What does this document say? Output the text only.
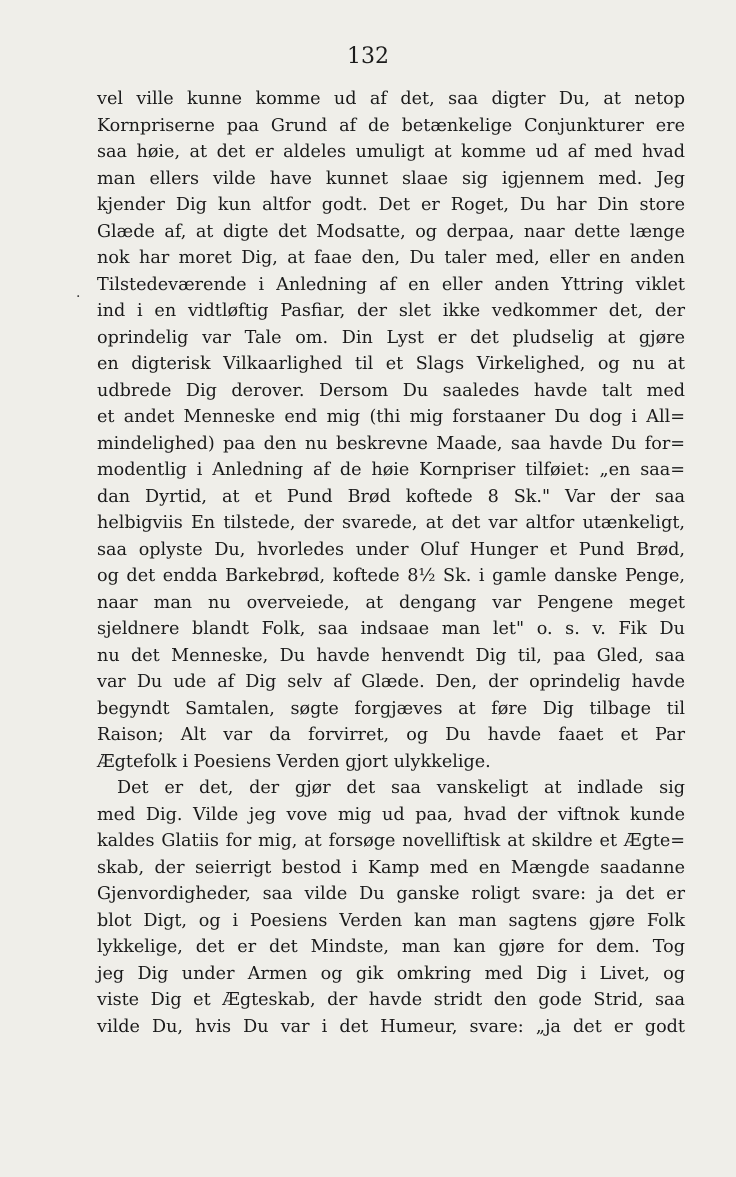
132
·
vel ville kunne komme ud af det, saa digter Du, at netop
Kornpriserne paa Grund af de betænkelige Conjunkturer ere
saa høie, at det er aldeles umuligt at komme ud af med hvad
man ellers vilde have kunnet slaae sig igjennem med. Jeg
kjender Dig kun altfor godt. Det er Roget, Du har Din store
Glæde af, at digte det Modsatte, og derpaa, naar dette længe
nok har moret Dig, at faae den, Du taler med, eller en anden
Tilstedeværende i Anledning af en eller anden Yttring viklet
ind i en vidtløftig Pasfiar, der slet ikke vedkommer det, der
oprindelig var Tale om. Din Lyst er det pludselig at gjøre
en digterisk Vilkaarlighed til et Slags Virkelighed, og nu at
udbrede Dig derover. Dersom Du saaledes havde talt med
et andet Menneske end mig (thi mig forstaaner Du dog i All=
mindelighed) paa den nu beskrevne Maade, saa havde Du for=
modentlig i Anledning af de høie Kornpriser tilføiet: „en saa=
dan Dyrtid, at et Pund Brød koftede 8 Sk." Var der saa
helbigviis En tilstede, der svarede, at det var altfor utænkeligt,
saa oplyste Du, hvorledes under Oluf Hunger et Pund Brød,
og det endda Barkebrød, koftede 8½ Sk. i gamle danske Penge,
naar man nu overveiede, at dengang var Pengene meget
sjeldnere blandt Folk, saa indsaae man let" o. s. v. Fik Du
nu det Menneske, Du havde henvendt Dig til, paa Gled, saa
var Du ude af Dig selv af Glæde. Den, der oprindelig havde
begyndt Samtalen, søgte forgjæves at føre Dig tilbage til
Raison; Alt var da forvirret, og Du havde faaet et Par
Ægtefolk i Poesiens Verden gjort ulykkelige.
Det er det, der gjør det saa vanskeligt at indlade sig
med Dig. Vilde jeg vove mig ud paa, hvad der viftnok kunde
kaldes Glatiis for mig, at forsøge novelliftisk at skildre et Ægte=
skab, der seierrigt bestod i Kamp med en Mængde saadanne
Gjenvordigheder, saa vilde Du ganske roligt svare: ja det er
blot Digt, og i Poesiens Verden kan man sagtens gjøre Folk
lykkelige, det er det Mindste, man kan gjøre for dem. Tog
jeg Dig under Armen og gik omkring med Dig i Livet, og
viste Dig et Ægteskab, der havde stridt den gode Strid, saa
vilde Du, hvis Du var i det Humeur, svare: „ja det er godt
